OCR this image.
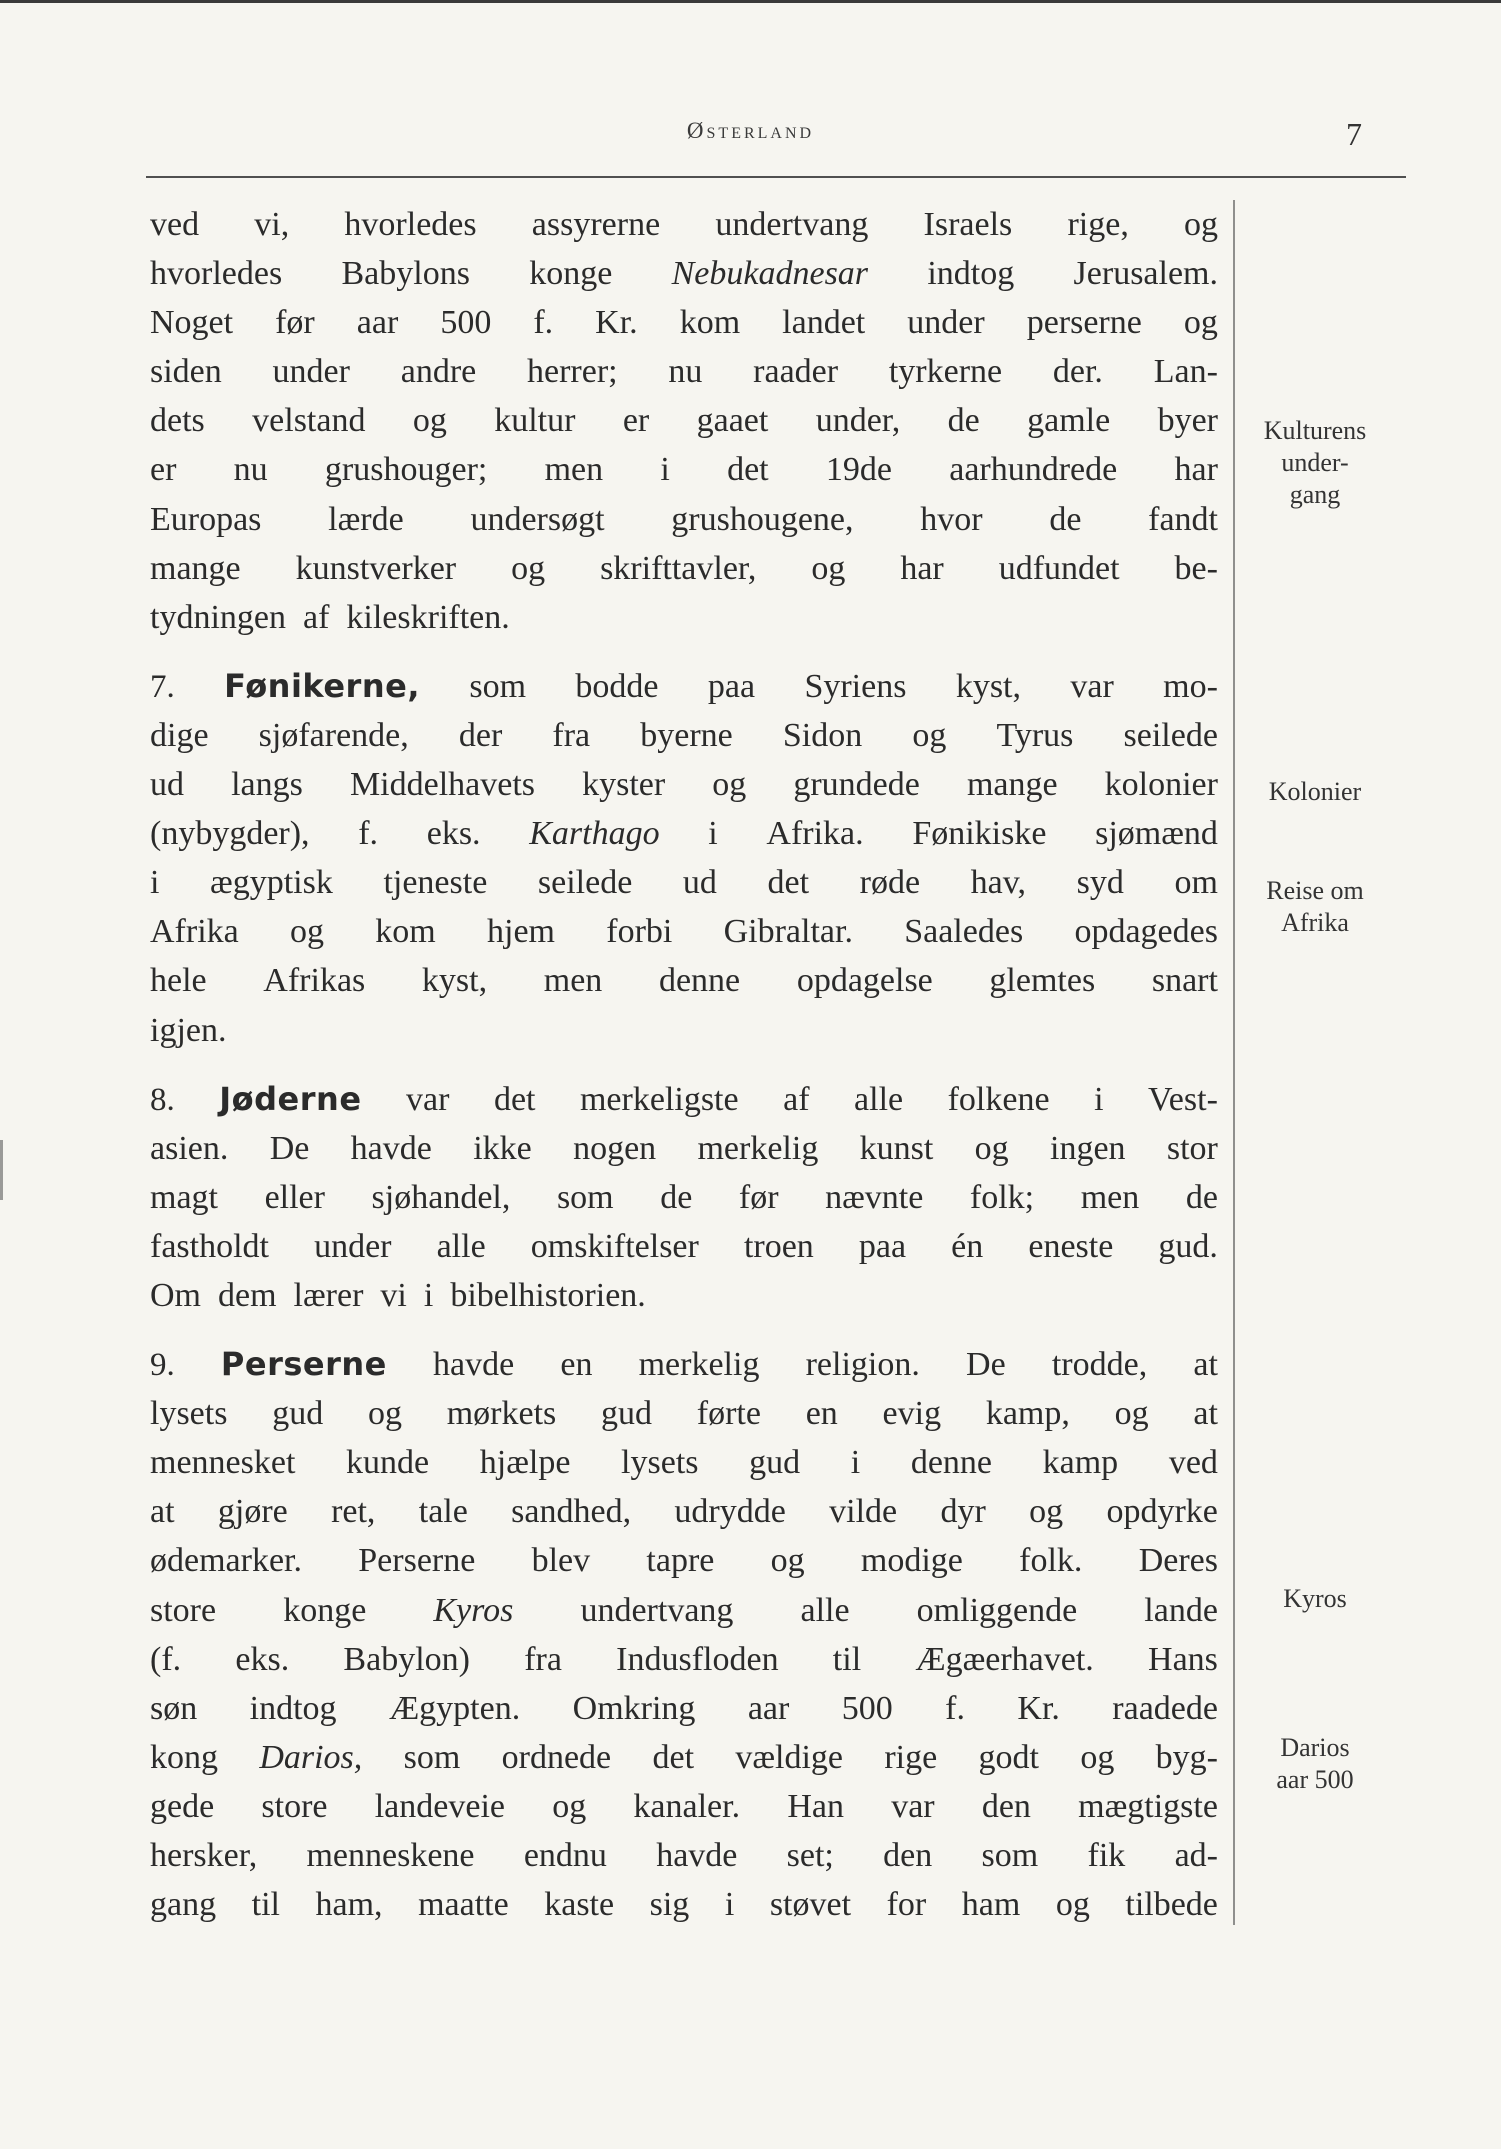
Østerland	7
ved vi, hvorledes assyrerne undertvang Israels rige, og
hvorledes Babylons konge Nebukadnesar indtog Jerusalem.
Noget før aar 500 f. Kr. kom landet under perserne og
siden under andre herrer; nu raader tyrkerne der. Lan-
dets velstand og kultur er gaaet under, de gamle byer
er nu grushouger; men i det 19de aarhundrede har
Europas lærde undersøgt grushougene, hvor de fandt
mange kunstverker og skrifttavler, og har udfundet be-
tydningen af kileskriften.
7. Fønikerne, som bodde paa Syriens kyst, var mo-
dige sjøfarende, der fra byerne Sidon og Tyrus seilede
ud langs Middelhavets kyster og grundede mange kolonier
(nybygder), f. eks. Karthago i Afrika. Fønikiske sjømænd
i ægyptisk tjeneste seilede ud det røde hav, syd om
Afrika og kom hjem forbi Gibraltar. Saaledes opdagedes
hele Afrikas kyst, men denne opdagelse glemtes snart
igjen.
8. Jøderne var det merkeligste af alle folkene i Vest-
asien. De havde ikke nogen merkelig kunst og ingen stor
magt eller sjøhandel, som de før nævnte folk; men de
fastholdt under alle omskiftelser troen paa én eneste gud.
Om dem lærer vi i bibelhistorien.
9. Perserne havde en merkelig religion. De trodde, at
lysets gud og mørkets gud førte en evig kamp, og at
mennesket kunde hjælpe lysets gud i denne kamp ved
at gjøre ret, tale sandhed, udrydde vilde dyr og opdyrke
ødemarker. Perserne blev tapre og modige folk. Deres
store konge Kyros undertvang alle omliggende lande
(f. eks. Babylon) fra Indusfloden til Ægæerhavet. Hans
søn indtog Ægypten. Omkring aar 500 f. Kr. raadede
kong Darios, som ordnede det vældige rige godt og byg-
gede store landeveie og kanaler. Han var den mægtigste
hersker, menneskene endnu havde set; den som fik ad-
gang til ham, maatte kaste sig i støvet for ham og tilbede
Kulturens
under-
gang
Kolonier
Reise om
Afrika
Kyros
Darios
aar 500
